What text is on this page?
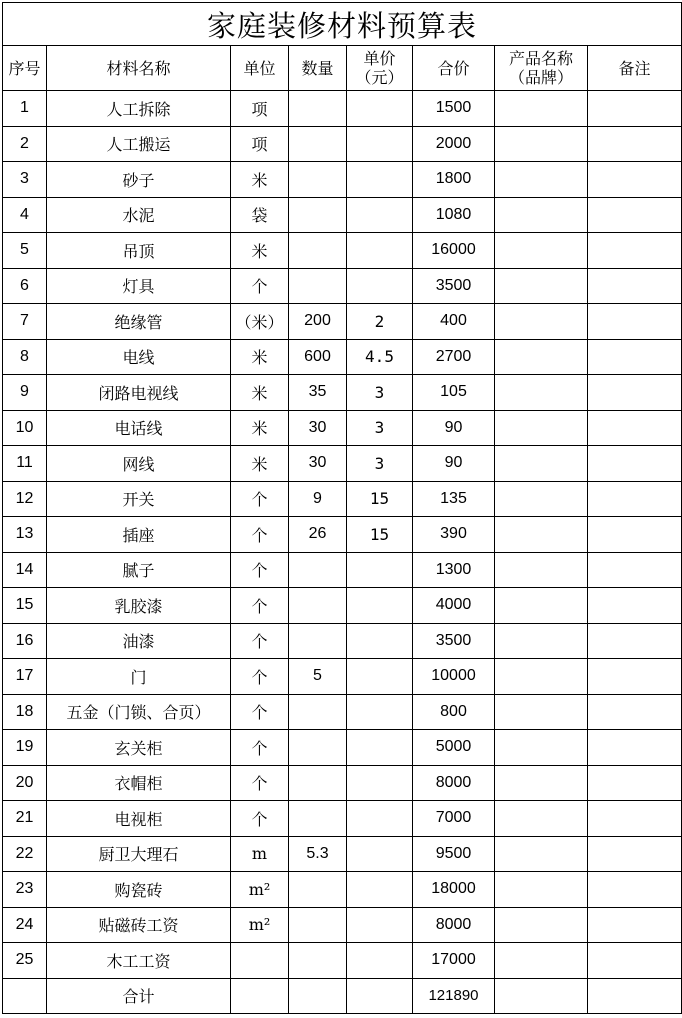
家庭装修材料预算表							
序号	材料名称	单位	数量	单价（元）	合价	产品名称（品牌）	备注
1	人工拆除	项			1500		
2	人工搬运	项			2000		
3	砂子	米			1800		
4	水泥	袋			1080		
5	吊顶	米			16000		
6	灯具	个			3500		
7	绝缘管	（米）	200	2	400		
8	电线	米	600	4.5	2700		
9	闭路电视线	米	35	3	105		
10	电话线	米	30	3	90		
11	网线	米	30	3	90		
12	开关	个	9	15	135		
13	插座	个	26	15	390		
14	腻子	个			1300		
15	乳胶漆	个			4000		
16	油漆	个			3500		
17	门	个	5		10000		
18	五金（门锁、合页）	个			800		
19	玄关柜	个			5000		
20	衣帽柜	个			8000		
21	电视柜	个			7000		
22	厨卫大理石	m	5.3		9500		
23	购瓷砖	m²			18000		
24	贴磁砖工资	m²			8000		
25	木工工资				17000		
	合计				121890		
